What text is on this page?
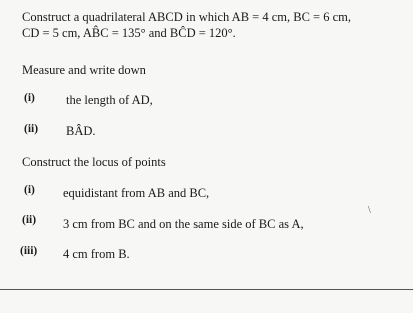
Construct a quadrilateral ABCD in which AB = 4 cm, BC = 6 cm,
CD = 5 cm, AB̂C = 135° and BĈD = 120°.
Measure and write down
(i) the length of AD,
(ii) BÂD.
Construct the locus of points
(i) equidistant from AB and BC,
(ii) 3 cm from BC and on the same side of BC as A,
(iii) 4 cm from B.
\
